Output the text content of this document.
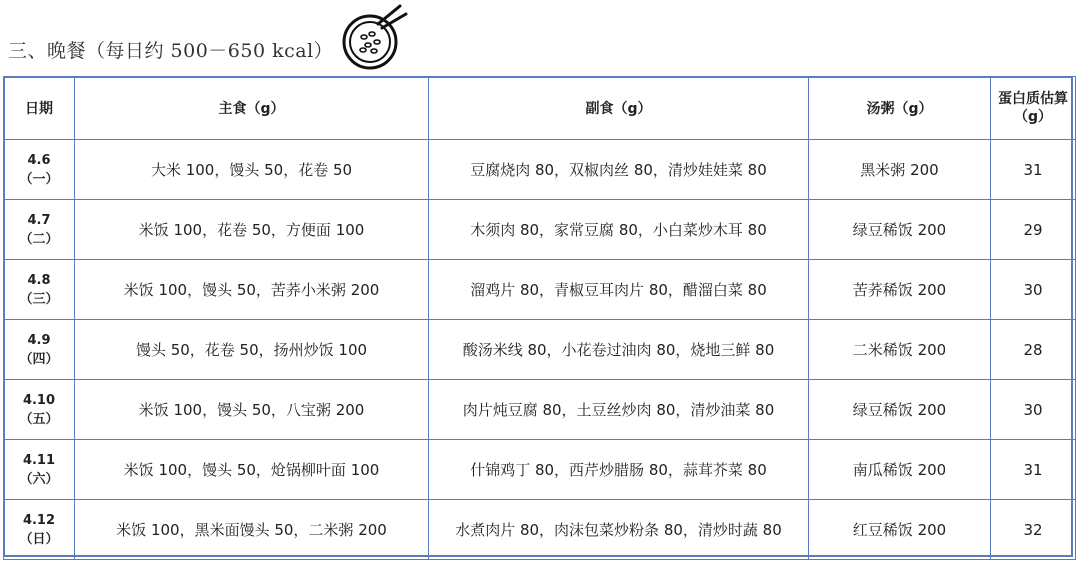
三、晚餐（每日约 500－650 kcal）
日期	主食（g）	副食（g）	汤粥（g）	蛋白质估算
（g）
4.6
（一）	大米 100，馒头 50，花卷 50	豆腐烧肉 80，双椒肉丝 80，清炒娃娃菜 80	黑米粥 200	31
4.7
（二）	米饭 100，花卷 50，方便面 100	木须肉 80，家常豆腐 80，小白菜炒木耳 80	绿豆稀饭 200	29
4.8
（三）	米饭 100，馒头 50，苦荞小米粥 200	溜鸡片 80，青椒豆耳肉片 80，醋溜白菜 80	苦荞稀饭 200	30
4.9
（四）	馒头 50，花卷 50，扬州炒饭 100	酸汤米线 80，小花卷过油肉 80，烧地三鲜 80	二米稀饭 200	28
4.10
（五）	米饭 100，馒头 50，八宝粥 200	肉片炖豆腐 80，土豆丝炒肉 80，清炒油菜 80	绿豆稀饭 200	30
4.11
（六）	米饭 100，馒头 50，炝锅柳叶面 100	什锦鸡丁 80，西芹炒腊肠 80，蒜茸芥菜 80	南瓜稀饭 200	31
4.12
（日）	米饭 100，黑米面馒头 50，二米粥 200	水煮肉片 80，肉沫包菜炒粉条 80，清炒时蔬 80	红豆稀饭 200	32
